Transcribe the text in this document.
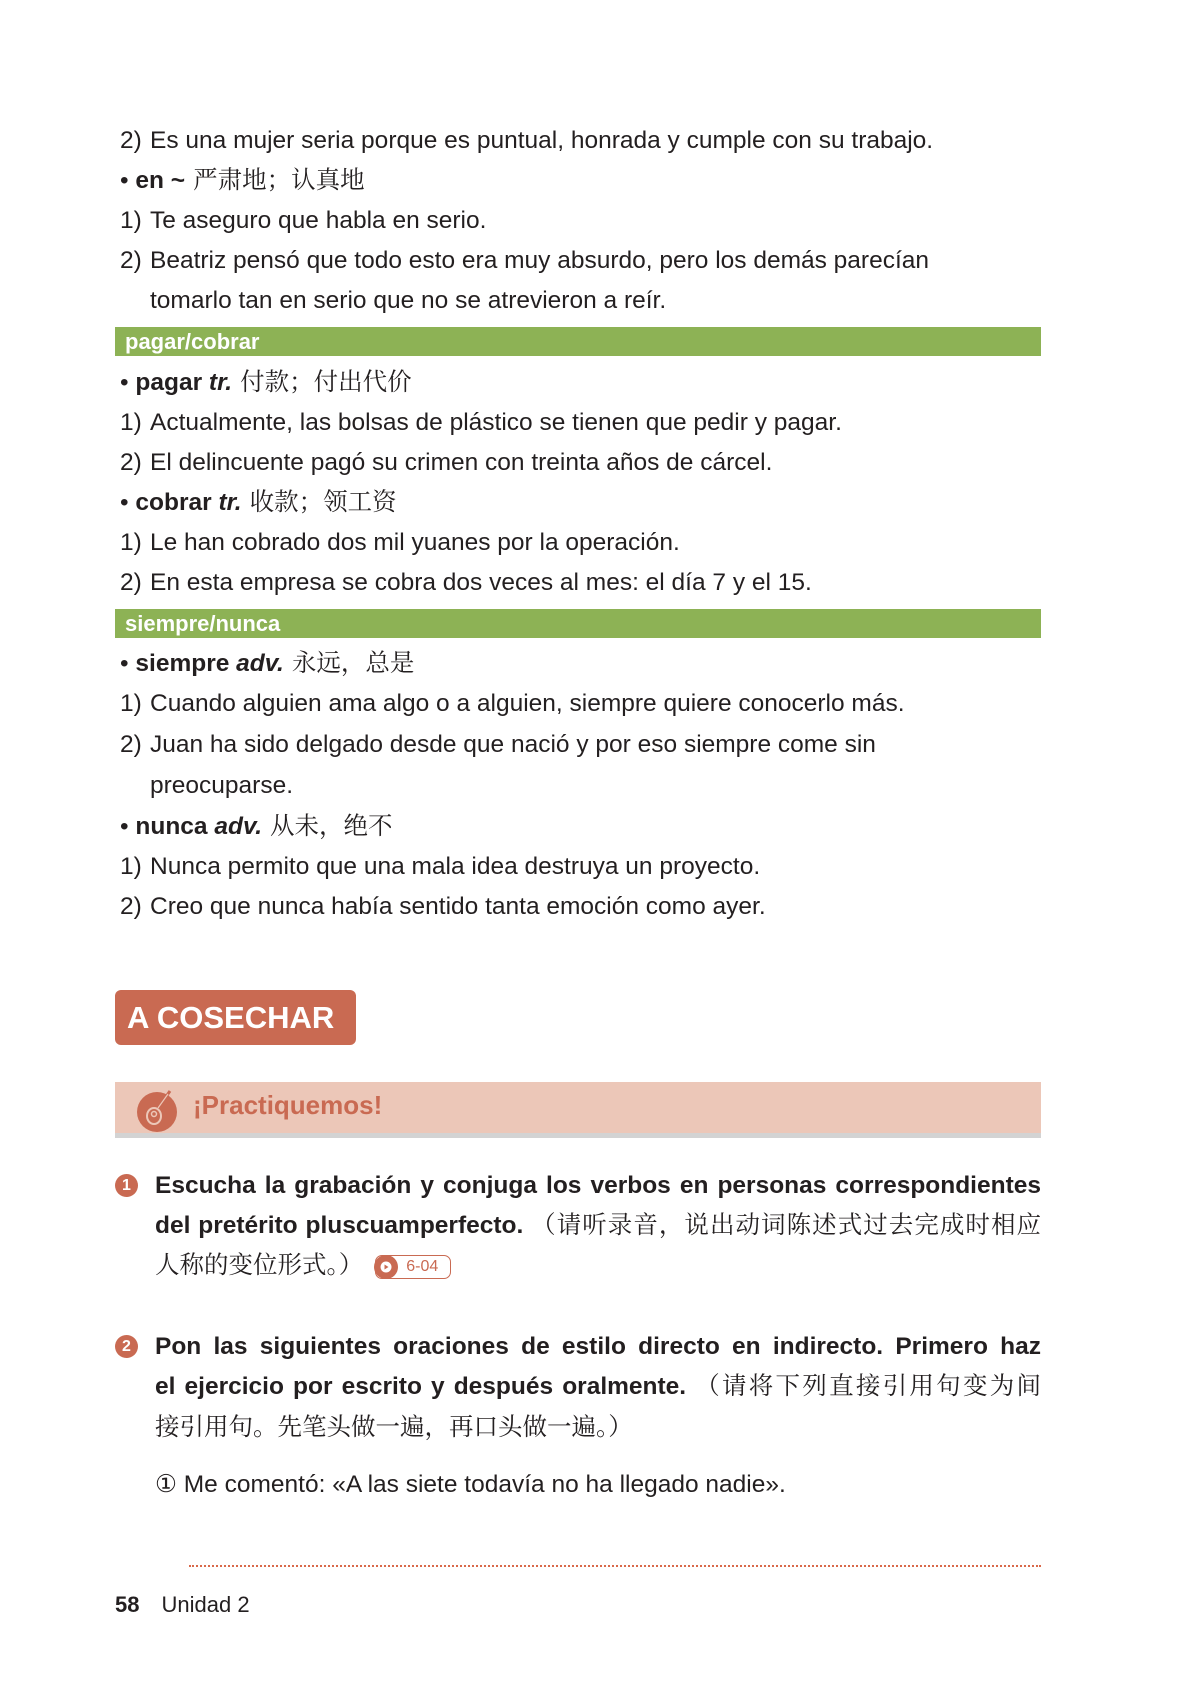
2) Es una mujer seria porque es puntual, honrada y cumple con su trabajo.
• en ~ 严肃地；认真地
1) Te aseguro que habla en serio.
2) Beatriz pensó que todo esto era muy absurdo, pero los demás parecían
tomarlo tan en serio que no se atrevieron a reír.
pagar/cobrar
• pagar tr. 付款；付出代价
1) Actualmente, las bolsas de plástico se tienen que pedir y pagar.
2) El delincuente pagó su crimen con treinta años de cárcel.
• cobrar tr. 收款；领工资
1) Le han cobrado dos mil yuanes por la operación.
2) En esta empresa se cobra dos veces al mes: el día 7 y el 15.
siempre/nunca
• siempre adv. 永远，总是
1) Cuando alguien ama algo o a alguien, siempre quiere conocerlo más.
2) Juan ha sido delgado desde que nació y por eso siempre come sin
preocuparse.
• nunca adv. 从未，绝不
1) Nunca permito que una mala idea destruya un proyecto.
2) Creo que nunca había sentido tanta emoción como ayer.
A COSECHAR
¡Practiquemos!
1 Escucha la grabación y conjuga los verbos en personas correspondientes
del pretérito pluscuamperfecto. （请听录音，说出动词陈述式过去完成时相应
人称的变位形式。）	6-04
2 Pon las siguientes oraciones de estilo directo en indirecto. Primero haz
el ejercicio por escrito y después oralmente. （请将下列直接引用句变为间
接引用句。先笔头做一遍，再口头做一遍。）
① Me comentó: «A las siete todavía no ha llegado nadie».
58 Unidad 2
